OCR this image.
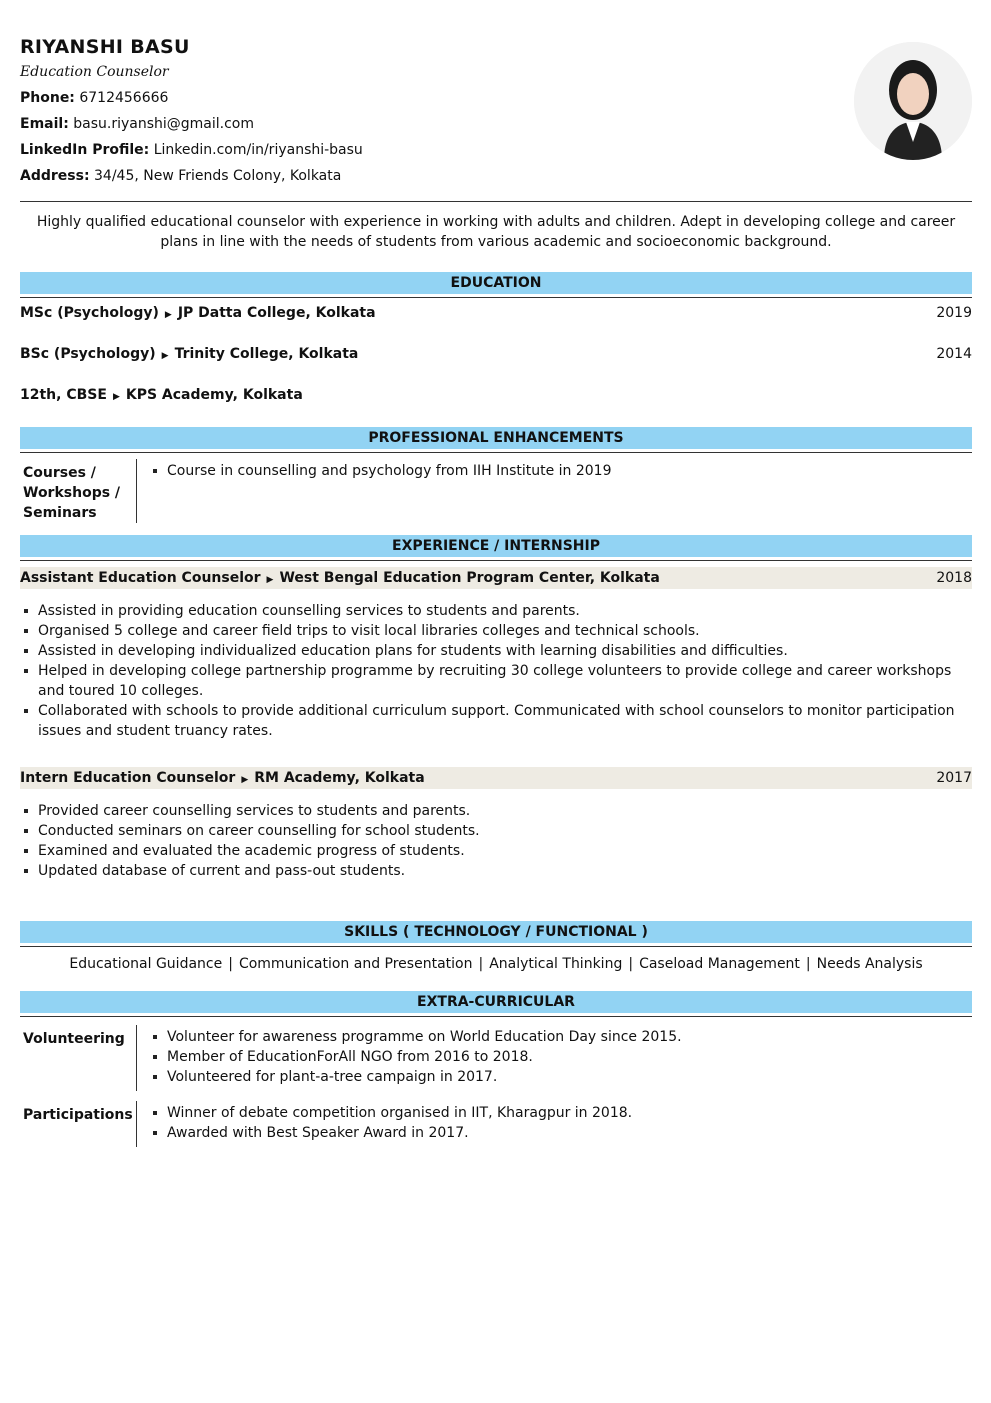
RIYANSHI BASU
Education Counselor
Phone: 6712456666
Email: basu.riyanshi@gmail.com
LinkedIn Profile: Linkedin.com/in/riyanshi-basu
Address: 34/45, New Friends Colony, Kolkata
Highly qualified educational counselor with experience in working with adults and children. Adept in developing college and career plans in line with the needs of students from various academic and socioeconomic background.
EDUCATION
MSc (Psychology) ▶ JP Datta College, Kolkata	2019
BSc (Psychology) ▶ Trinity College, Kolkata	2014
12th, CBSE ▶ KPS Academy, Kolkata
PROFESSIONAL ENHANCEMENTS
Courses / Workshops / Seminars
Course in counselling and psychology from IIH Institute in 2019
EXPERIENCE / INTERNSHIP
Assistant Education Counselor ▶ West Bengal Education Program Center, Kolkata	2018
Assisted in providing education counselling services to students and parents.
Organised 5 college and career field trips to visit local libraries colleges and technical schools.
Assisted in developing individualized education plans for students with learning disabilities and difficulties.
Helped in developing college partnership programme by recruiting 30 college volunteers to provide college and career workshops and toured 10 colleges.
Collaborated with schools to provide additional curriculum support. Communicated with school counselors to monitor participation issues and student truancy rates.
Intern Education Counselor ▶ RM Academy, Kolkata	2017
Provided career counselling services to students and parents.
Conducted seminars on career counselling for school students.
Examined and evaluated the academic progress of students.
Updated database of current and pass-out students.
SKILLS ( TECHNOLOGY / FUNCTIONAL )
Educational Guidance | Communication and Presentation | Analytical Thinking | Caseload Management | Needs Analysis
EXTRA-CURRICULAR
Volunteering	Volunteer for awareness programme on World Education Day since 2015.
Member of EducationForAll NGO from 2016 to 2018.
Volunteered for plant-a-tree campaign in 2017.
Participations	Winner of debate competition organised in IIT, Kharagpur in 2018.
Awarded with Best Speaker Award in 2017.
